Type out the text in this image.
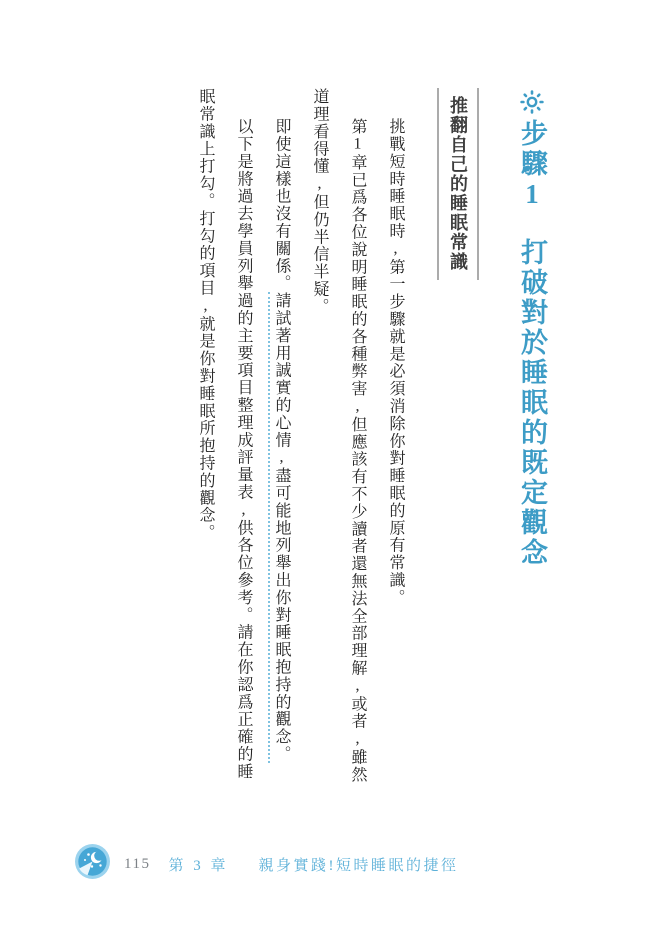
步驟1打破對於睡眠的既定觀念
推翻自己的睡眠常識

挑戰短時睡眠時,第一步驟就是必須消除你對睡眠的原有常識。

第1章已爲各位說明睡眠的各種弊害,但應該有不少讀者還無法全部理解,或者,雖然

道理看得懂,但仍半信半疑。

即使這樣也沒有關係。請試著用誠實的心情,盡可能地列舉出你對睡眠抱持的觀念。

以下是將過去學員列舉過的主要項目整理成評量表,供各位參考。請在你認爲正確的睡

眠常識上打勾。打勾的項目,就是你對睡眠所抱持的觀念。

115 第 3 章 親身實踐!短時睡眠的捷徑
